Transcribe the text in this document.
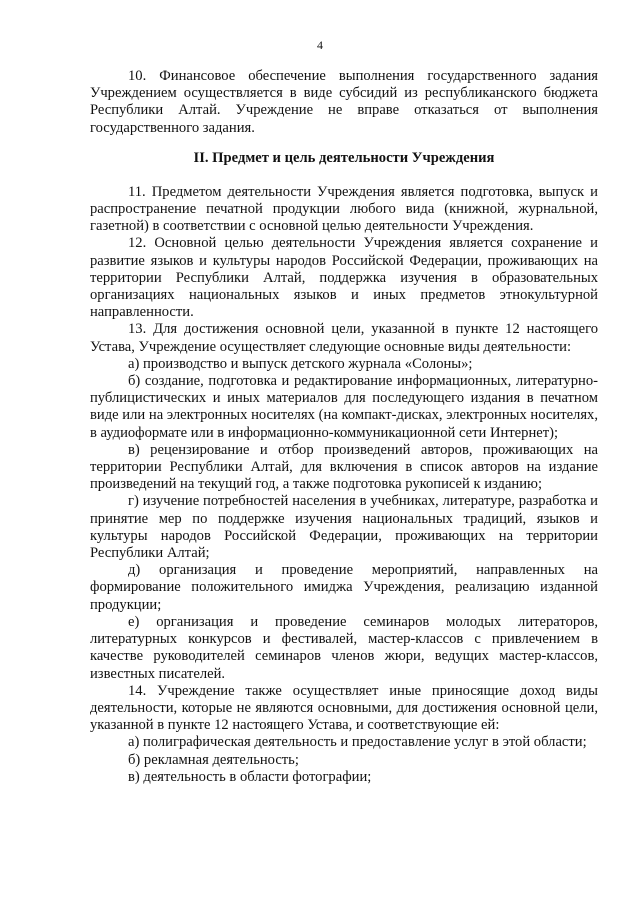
4

10. Финансовое обеспечение выполнения государственного задания Учреждением осуществляется в виде субсидий из республиканского бюджета Республики Алтай. Учреждение не вправе отказаться от выполнения государственного задания.

II. Предмет и цель деятельности Учреждения

11. Предметом деятельности Учреждения является подготовка, выпуск и распространение печатной продукции любого вида (книжной, журнальной, газетной) в соответствии с основной целью деятельности Учреждения.

12. Основной целью деятельности Учреждения является сохранение и развитие языков и культуры народов Российской Федерации, проживающих на территории Республики Алтай, поддержка изучения в образовательных организациях национальных языков и иных предметов этнокультурной направленности.

13. Для достижения основной цели, указанной в пункте 12 настоящего Устава, Учреждение осуществляет следующие основные виды деятельности:

а) производство и выпуск детского журнала «Солоны»;

б) создание, подготовка и редактирование информационных, литературно-публицистических и иных материалов для последующего издания в печатном виде или на электронных носителях (на компакт-дисках, электронных носителях, в аудиоформате или в информационно-коммуникационной сети Интернет);

в) рецензирование и отбор произведений авторов, проживающих на территории Республики Алтай, для включения в список авторов на издание произведений на текущий год, а также подготовка рукописей к изданию;

г) изучение потребностей населения в учебниках, литературе, разработка и принятие мер по поддержке изучения национальных традиций, языков и культуры народов Российской Федерации, проживающих на территории Республики Алтай;

д) организация и проведение мероприятий, направленных на формирование положительного имиджа Учреждения, реализацию изданной продукции;

е) организация и проведение семинаров молодых литераторов, литературных конкурсов и фестивалей, мастер-классов с привлечением в качестве руководителей семинаров членов жюри, ведущих мастер-классов, известных писателей.

14. Учреждение также осуществляет иные приносящие доход виды деятельности, которые не являются основными, для достижения основной цели, указанной в пункте 12 настоящего Устава, и соответствующие ей:

а) полиграфическая деятельность и предоставление услуг в этой области;

б) рекламная деятельность;

в) деятельность в области фотографии;
